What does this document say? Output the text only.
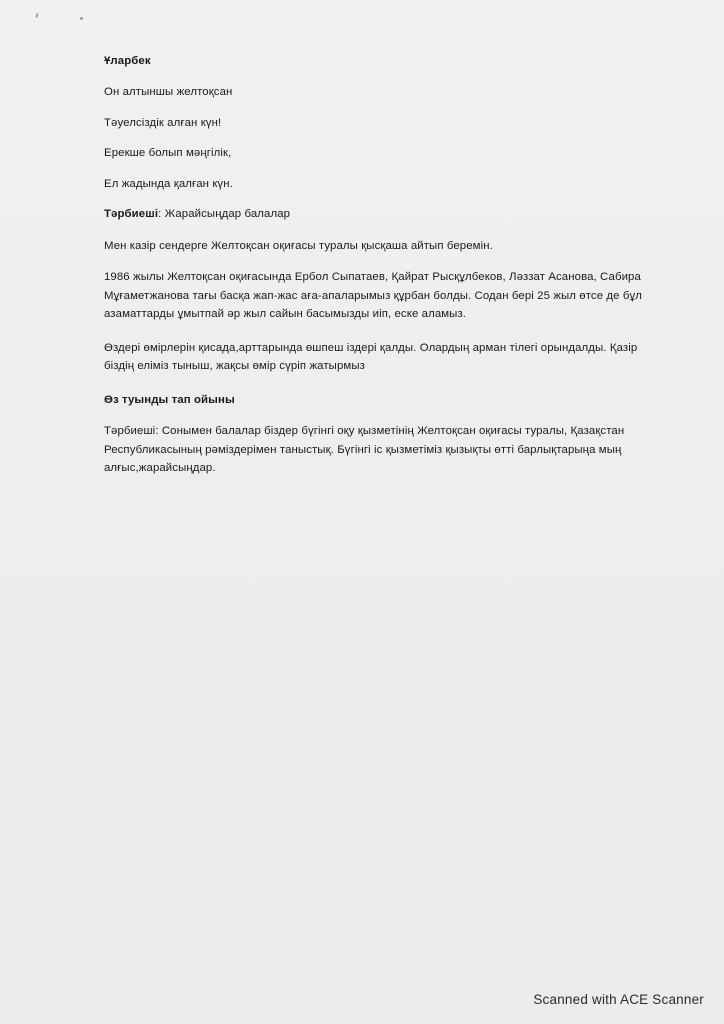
Ұларбек

Он алтыншы желтоқсан

Тәуелсіздік алған күн!

Ерекше болып мәңгілік,

Ел жадында қалған күн.

Тәрбиеші: Жарайсыңдар балалар

Мен казір сендерге Желтоқсан оқиғасы туралы қысқаша айтып беремін.

1986 жылы Желтоқсан оқиғасында Ербол Сыпатаев, Қайрат Рысқұлбеков, Ләззат Асанова, Сабира Мұғаметжанова тағы басқа жап-жас аға-апаларымыз құрбан болды. Содан бері 25 жыл өтсе де бұл азаматтарды ұмытпай әр жыл сайын басымызды иіп, еске аламыз.

Өздері өмірлерін қисада,арттарында өшпеш іздері қалды. Олардың арман тілегі орындалды. Қазір біздің еліміз тыныш, жақсы өмір сүріп жатырмыз

Өз туынды тап ойыны

Тәрбиеші: Сонымен балалар біздер бүгінгі оқу қызметінің Желтоқсан оқиғасы туралы, Қазақстан Республикасының рәміздерімен таныстық. Бүгінгі іс қызметіміз қызықты өтті барлықтарыңа мың алғыс,жарайсыңдар.

Scanned with ACE Scanner
